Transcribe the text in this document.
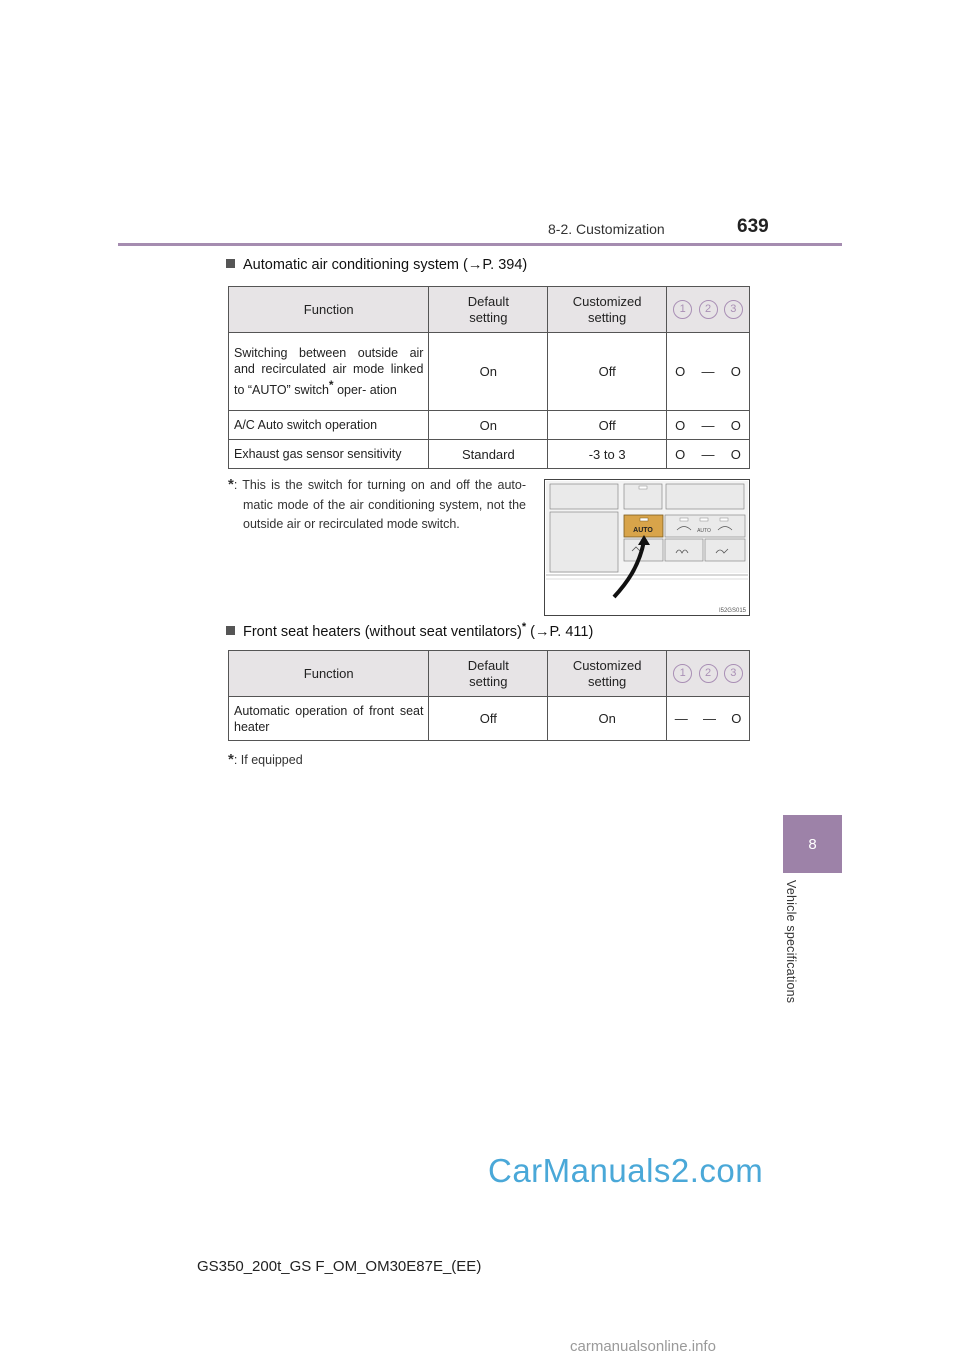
8-2. Customization	639
8
Vehicle specifications
Automatic air conditioning system (→P. 394)
Function	Default setting	Customized setting	1 2 3

Switching between outside air and recirculated air mode linked to “AUTO” switch* oper- ation	On	Off	O — O

A/C Auto switch operation	On	Off	O — O

Exhaust gas sensor sensitivity	Standard	-3 to 3	O — O
*: This is the switch for turning on and off the auto- matic mode of the air conditioning system, not the outside air or recirculated mode switch.	AUTO	AUTO
I52GS015
Front seat heaters (without seat ventilators)* (→P. 411)
Function	Default setting	Customized setting	1 2 3

Automatic operation of front seat heater	Off	On	— — O
*: If equipped
GS350_200t_GS F_OM_OM30E87E_(EE)
CarManuals2.com
carmanualsonline.info
